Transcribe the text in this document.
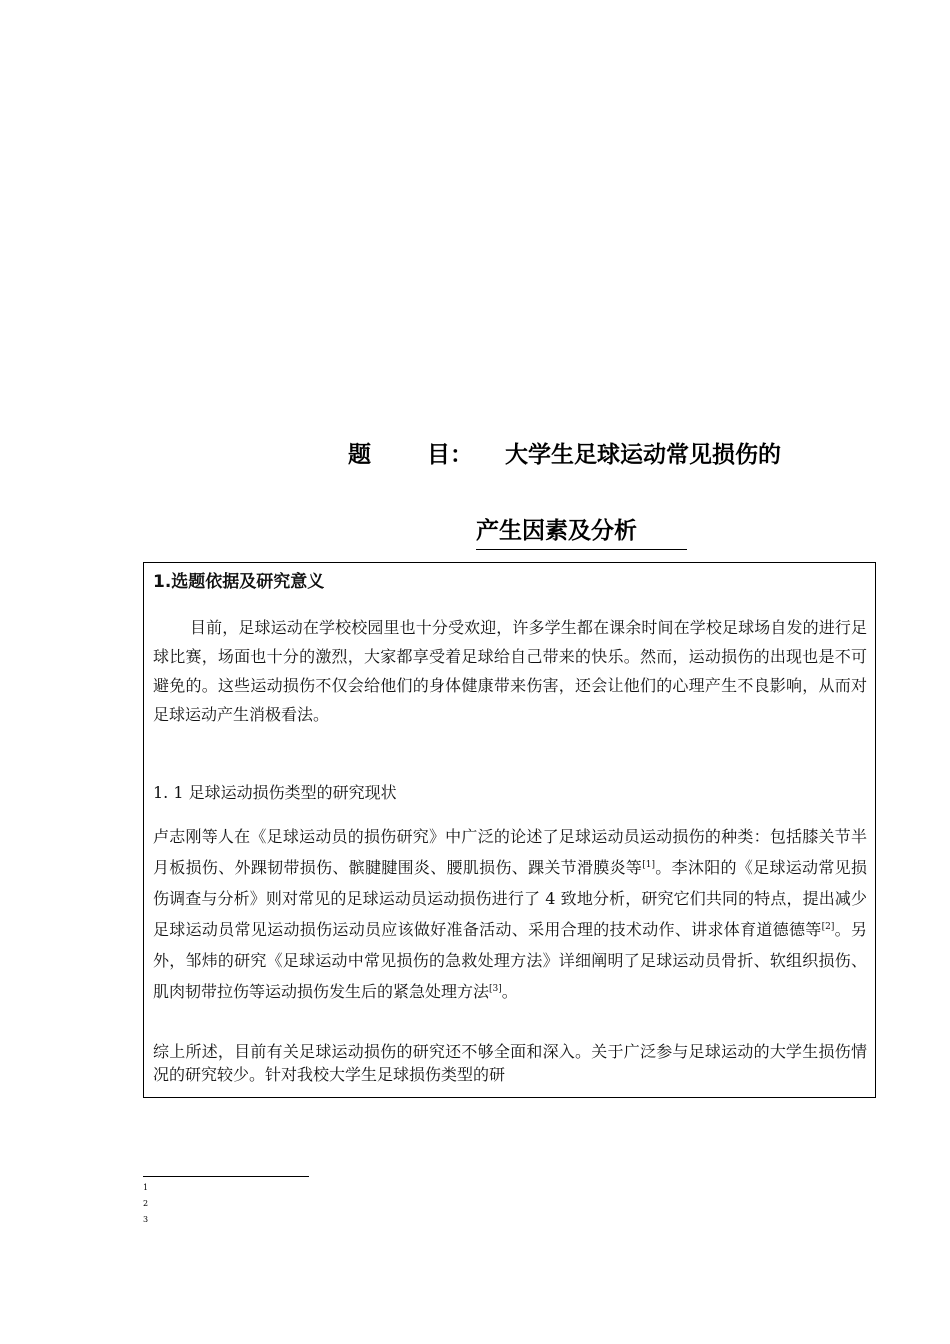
题 目： 大学生足球运动常见损伤的
产生因素及分析
1.选题依据及研究意义

目前，足球运动在学校校园里也十分受欢迎，许多学生都在课余时间在学校足球场自发的进行足球比赛，场面也十分的激烈，大家都享受着足球给自己带来的快乐。然而，运动损伤的出现也是不可避免的。这些运动损伤不仅会给他们的身体健康带来伤害，还会让他们的心理产生不良影响，从而对足球运动产生消极看法。

1. 1 足球运动损伤类型的研究现状

卢志刚等人在《足球运动员的损伤研究》中广泛的论述了足球运动员运动损伤的种类：包括膝关节半月板损伤、外踝韧带损伤、髌腱腱围炎、腰肌损伤、踝关节滑膜炎等[1]。李沐阳的《足球运动常见损伤调查与分析》则对常见的足球运动员运动损伤进行了 4 致地分析，研究它们共同的特点，提出减少足球运动员常见运动损伤运动员应该做好准备活动、采用合理的技术动作、讲求体育道德德等[2]。另外，邹炜的研究《足球运动中常见损伤的急救处理方法》详细阐明了足球运动员骨折、软组织损伤、肌肉韧带拉伤等运动损伤发生后的紧急处理方法[3]。

综上所述，目前有关足球运动损伤的研究还不够全面和深入。关于广泛参与足球运动的大学生损伤情况的研究较少。针对我校大学生足球损伤类型的研

1
2
3
